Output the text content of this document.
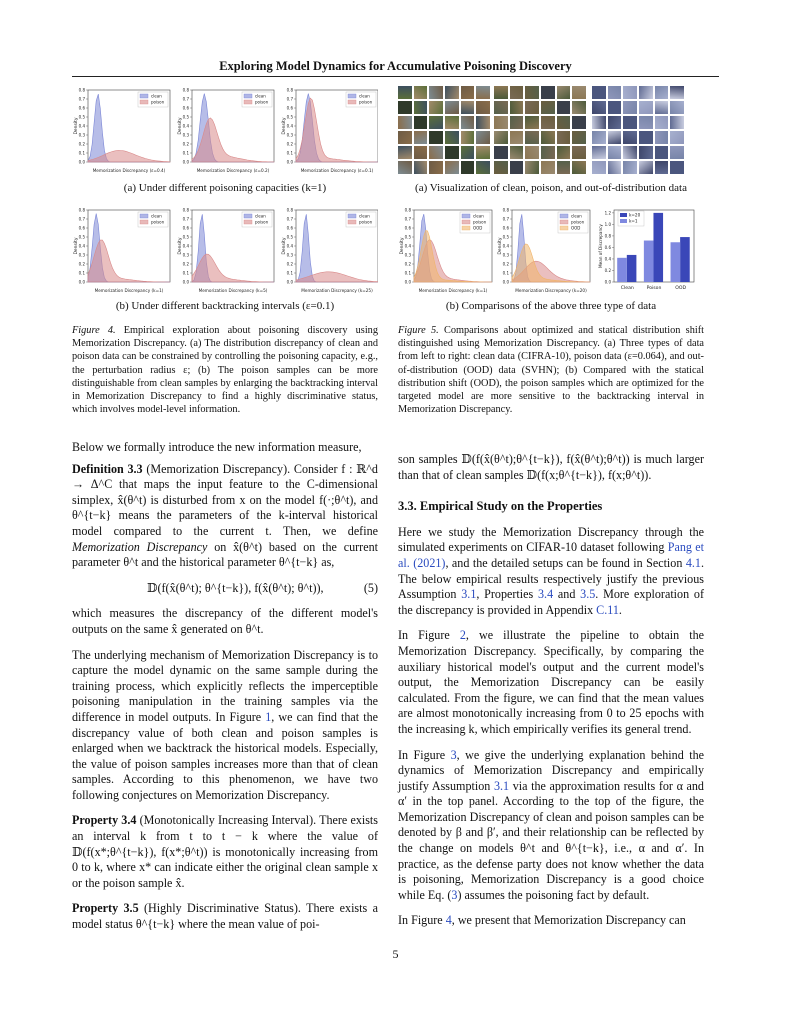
Exploring Model Dynamics for Accumulative Poisoning Discovery
0.0
0.1
0.2
0.3
0.4
0.5
0.6
0.7
0.8
clean
poison
Density
Memorization Discrepancy (ε=0.4)
0.0
0.1
0.2
0.3
0.4
0.5
0.6
0.7
0.8
clean
poison
Density
Memorization Discrepancy (ε=0.2)
0.0
0.1
0.2
0.3
0.4
0.5
0.6
0.7
0.8
clean
poison
Density
Memorization Discrepancy (ε=0.1)
(a) Under different poisoning capacities (k=1)
0.0
0.1
0.2
0.3
0.4
0.5
0.6
0.7
0.8
clean
poison
Density
Memorization Discrepancy (k=1)
0.0
0.1
0.2
0.3
0.4
0.5
0.6
0.7
0.8
clean
poison
Density
Memorization Discrepancy (k=5)
0.0
0.1
0.2
0.3
0.4
0.5
0.6
0.7
0.8
clean
poison
Density
Memorization Discrepancy (k=25)
(b) Under different backtracking intervals (ε=0.1)
Figure 4. Empirical exploration about poisoning discovery using Memorization Discrepancy. (a) The distribution discrepancy of clean and poison data can be constrained by controlling the poisoning capacity, e.g., the perturbation radius ε; (b) The poison samples can be more distinguishable from clean samples by enlarging the backtracking interval in Memorization Discrepancy to find a highly discriminative status, which involves model-level information.
(a) Visualization of clean, poison, and out-of-distribution data
0.0
0.1
0.2
0.3
0.4
0.5
0.6
0.7
0.8
clean
poison
OOD
Density
Memorization Discrepancy (k=1)
0.0
0.1
0.2
0.3
0.4
0.5
0.6
0.7
0.8
clean
poison
OOD
Density
Memorization Discrepancy (k=20)
0.0
0.2
0.4
0.6
0.8
1.0
1.2
Mean of Discrepancy
Clean	Poison	OOD
k=20
k=1
(b) Comparisons of the above three type of data
Figure 5. Comparisons about optimized and statical distribution shift distinguished using Memorization Discrepancy. (a) Three types of data from left to right: clean data (CIFRA-10), poison data (ε=0.064), and out-of-distribution (OOD) data (SVHN); (b) Compared with the statical distribution shift (OOD), the poison samples which are optimized for the targeted model are more sensitive to the backtracking interval in Memorization Discrepancy.

Below we formally introduce the new information measure,

Definition 3.3 (Memorization Discrepancy). Consider f : ℝ^d → Δ^C that maps the input feature to the C-dimensional simplex, x̂(θ^t) is disturbed from x on the model f(·;θ^t), and θ^{t−k} means the parameters of the k-interval historical model compared to the current t. Then, we define Memorization Discrepancy on x̂(θ^t) based on the current parameter θ^t and the historical parameter θ^{t−k} as,

𝔻(f(x̂(θ^t); θ^{t−k}), f(x̂(θ^t); θ^t)),	(5)

which measures the discrepancy of the different model's outputs on the same x̂ generated on θ^t.

The underlying mechanism of Memorization Discrepancy is to capture the model dynamic on the same sample during the training process, which explicitly reflects the imperceptible poisoning manipulation in the training samples via the difference in model outputs. In Figure 1, we can find that the discrepancy value of both clean and poison samples is enlarged when we backtrack the historical models. Especially, the value of poison samples increases more than that of clean samples. According to this phenomenon, we have two following conjectures on Memorization Discrepancy.

Property 3.4 (Monotonically Increasing Interval). There exists an interval k from t to t − k where the value of 𝔻(f(x*;θ^{t−k}), f(x*;θ^t)) is monotonically increasing from 0 to k, where x* can indicate either the original clean sample x or the poison sample x̂.

Property 3.5 (Highly Discriminative Status). There exists a model status θ^{t−k} where the mean value of poi-

son samples 𝔻(f(x̂(θ^t);θ^{t−k}), f(x̂(θ^t);θ^t)) is much larger than that of clean samples 𝔻(f(x;θ^{t−k}), f(x;θ^t)).

3.3. Empirical Study on the Properties

Here we study the Memorization Discrepancy through the simulated experiments on CIFAR-10 dataset following Pang et al. (2021), and the detailed setups can be found in Section 4.1. The below empirical results respectively justify the previous Assumption 3.1, Properties 3.4 and 3.5. More exploration of the discrepancy is provided in Appendix C.11.

In Figure 2, we illustrate the pipeline to obtain the Memorization Discrepancy. Specifically, by comparing the auxiliary historical model's output and the current model's output, the Memorization Discrepancy can be easily calculated. From the figure, we can find that the mean values are almost monotonically increasing from 0 to 25 epochs with the increasing k, which empirically verifies its general trend.

In Figure 3, we give the underlying explanation behind the dynamics of Memorization Discrepancy and empirically justify Assumption 3.1 via the approximation results for α and α′ in the top panel. According to the top of the figure, the Memorization Discrepancy of clean and poison samples can be denoted by β and β′, and their relationship can be reflected by the change on models θ^t and θ^{t−k}, i.e., α and α′. In practice, as the defense party does not know whether the data is poisoning, Memorization Discrepancy is a good choice while Eq. (3) assumes the poisoning fact by default.

In Figure 4, we present that Memorization Discrepancy can

5
